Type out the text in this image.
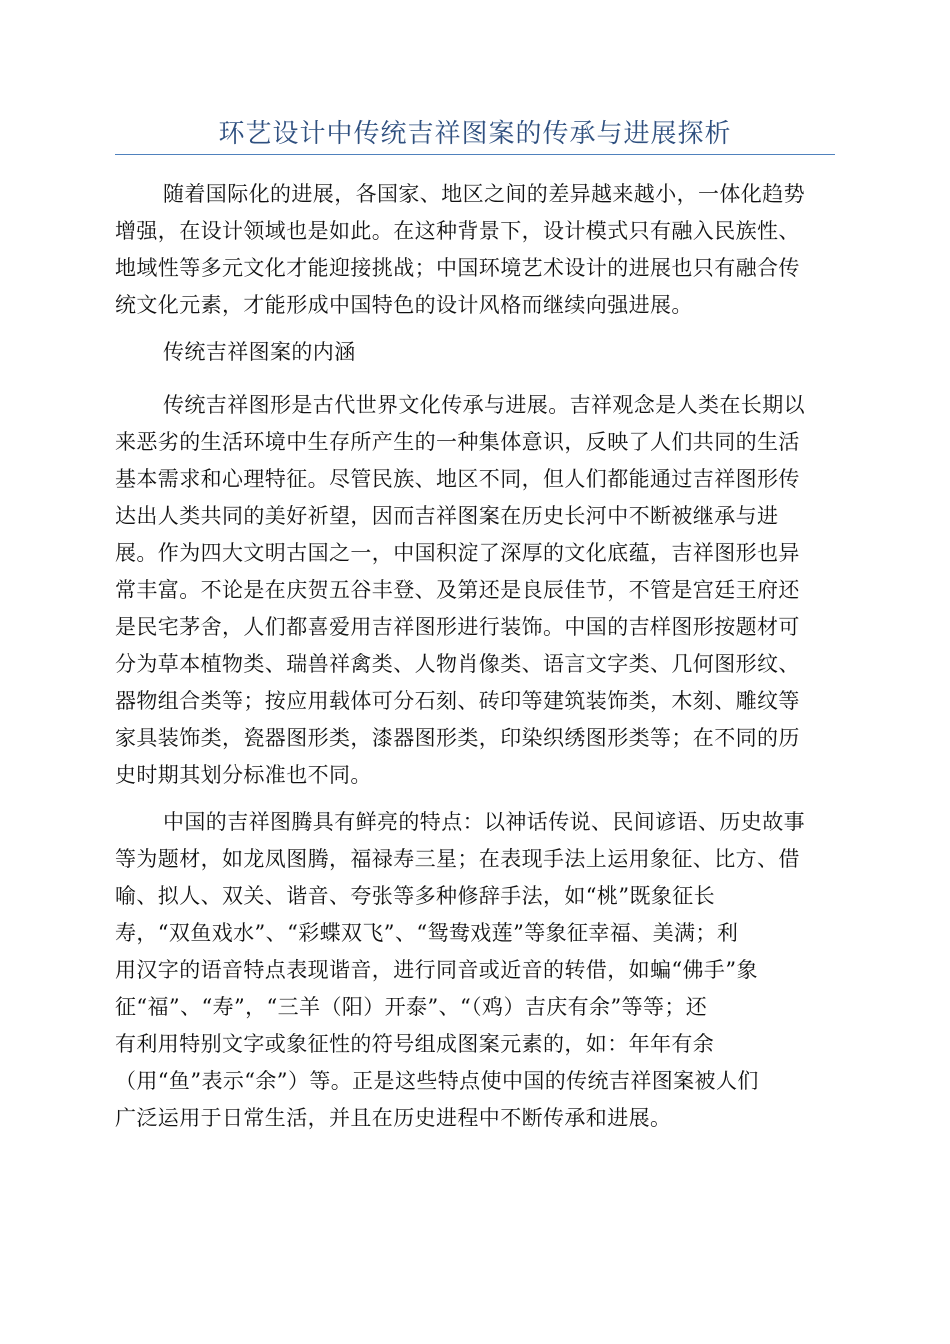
环艺设计中传统吉祥图案的传承与进展探析

随着国际化的进展，各国家、地区之间的差异越来越小，一体化趋势
增强，在设计领域也是如此。在这种背景下，设计模式只有融入民族性、
地域性等多元文化才能迎接挑战；中国环境艺术设计的进展也只有融合传
统文化元素，才能形成中国特色的设计风格而继续向强进展。

传统吉祥图案的内涵

传统吉祥图形是古代世界文化传承与进展。吉祥观念是人类在长期以
来恶劣的生活环境中生存所产生的一种集体意识，反映了人们共同的生活
基本需求和心理特征。尽管民族、地区不同，但人们都能通过吉祥图形传
达出人类共同的美好祈望，因而吉祥图案在历史长河中不断被继承与进
展。作为四大文明古国之一，中国积淀了深厚的文化底蕴，吉祥图形也异
常丰富。不论是在庆贺五谷丰登、及第还是良辰佳节，不管是宫廷王府还
是民宅茅舍，人们都喜爱用吉祥图形进行装饰。中国的吉样图形按题材可
分为草本植物类、瑞兽祥禽类、人物肖像类、语言文字类、几何图形纹、
器物组合类等；按应用载体可分石刻、砖印等建筑装饰类，木刻、雕纹等
家具装饰类，瓷器图形类，漆器图形类，印染织绣图形类等；在不同的历
史时期其划分标准也不同。

中国的吉祥图腾具有鲜亮的特点：以神话传说、民间谚语、历史故事
等为题材，如龙凤图腾，福禄寿三星；在表现手法上运用象征、比方、借
喻、拟人、双关、谐音、夸张等多种修辞手法，如“桃”既象征长
寿，“双鱼戏水”、“彩蝶双飞”、“鸳鸯戏莲”等象征幸福、美满；利
用汉字的语音特点表现谐音，进行同音或近音的转借，如蝙“佛手”象
征“福”、“寿”，“三羊（阳）开泰”、“（鸡）吉庆有余”等等；还
有利用特别文字或象征性的符号组成图案元素的，如：年年有余
（用“鱼”表示“余”）等。正是这些特点使中国的传统吉祥图案被人们
广泛运用于日常生活，并且在历史进程中不断传承和进展。
